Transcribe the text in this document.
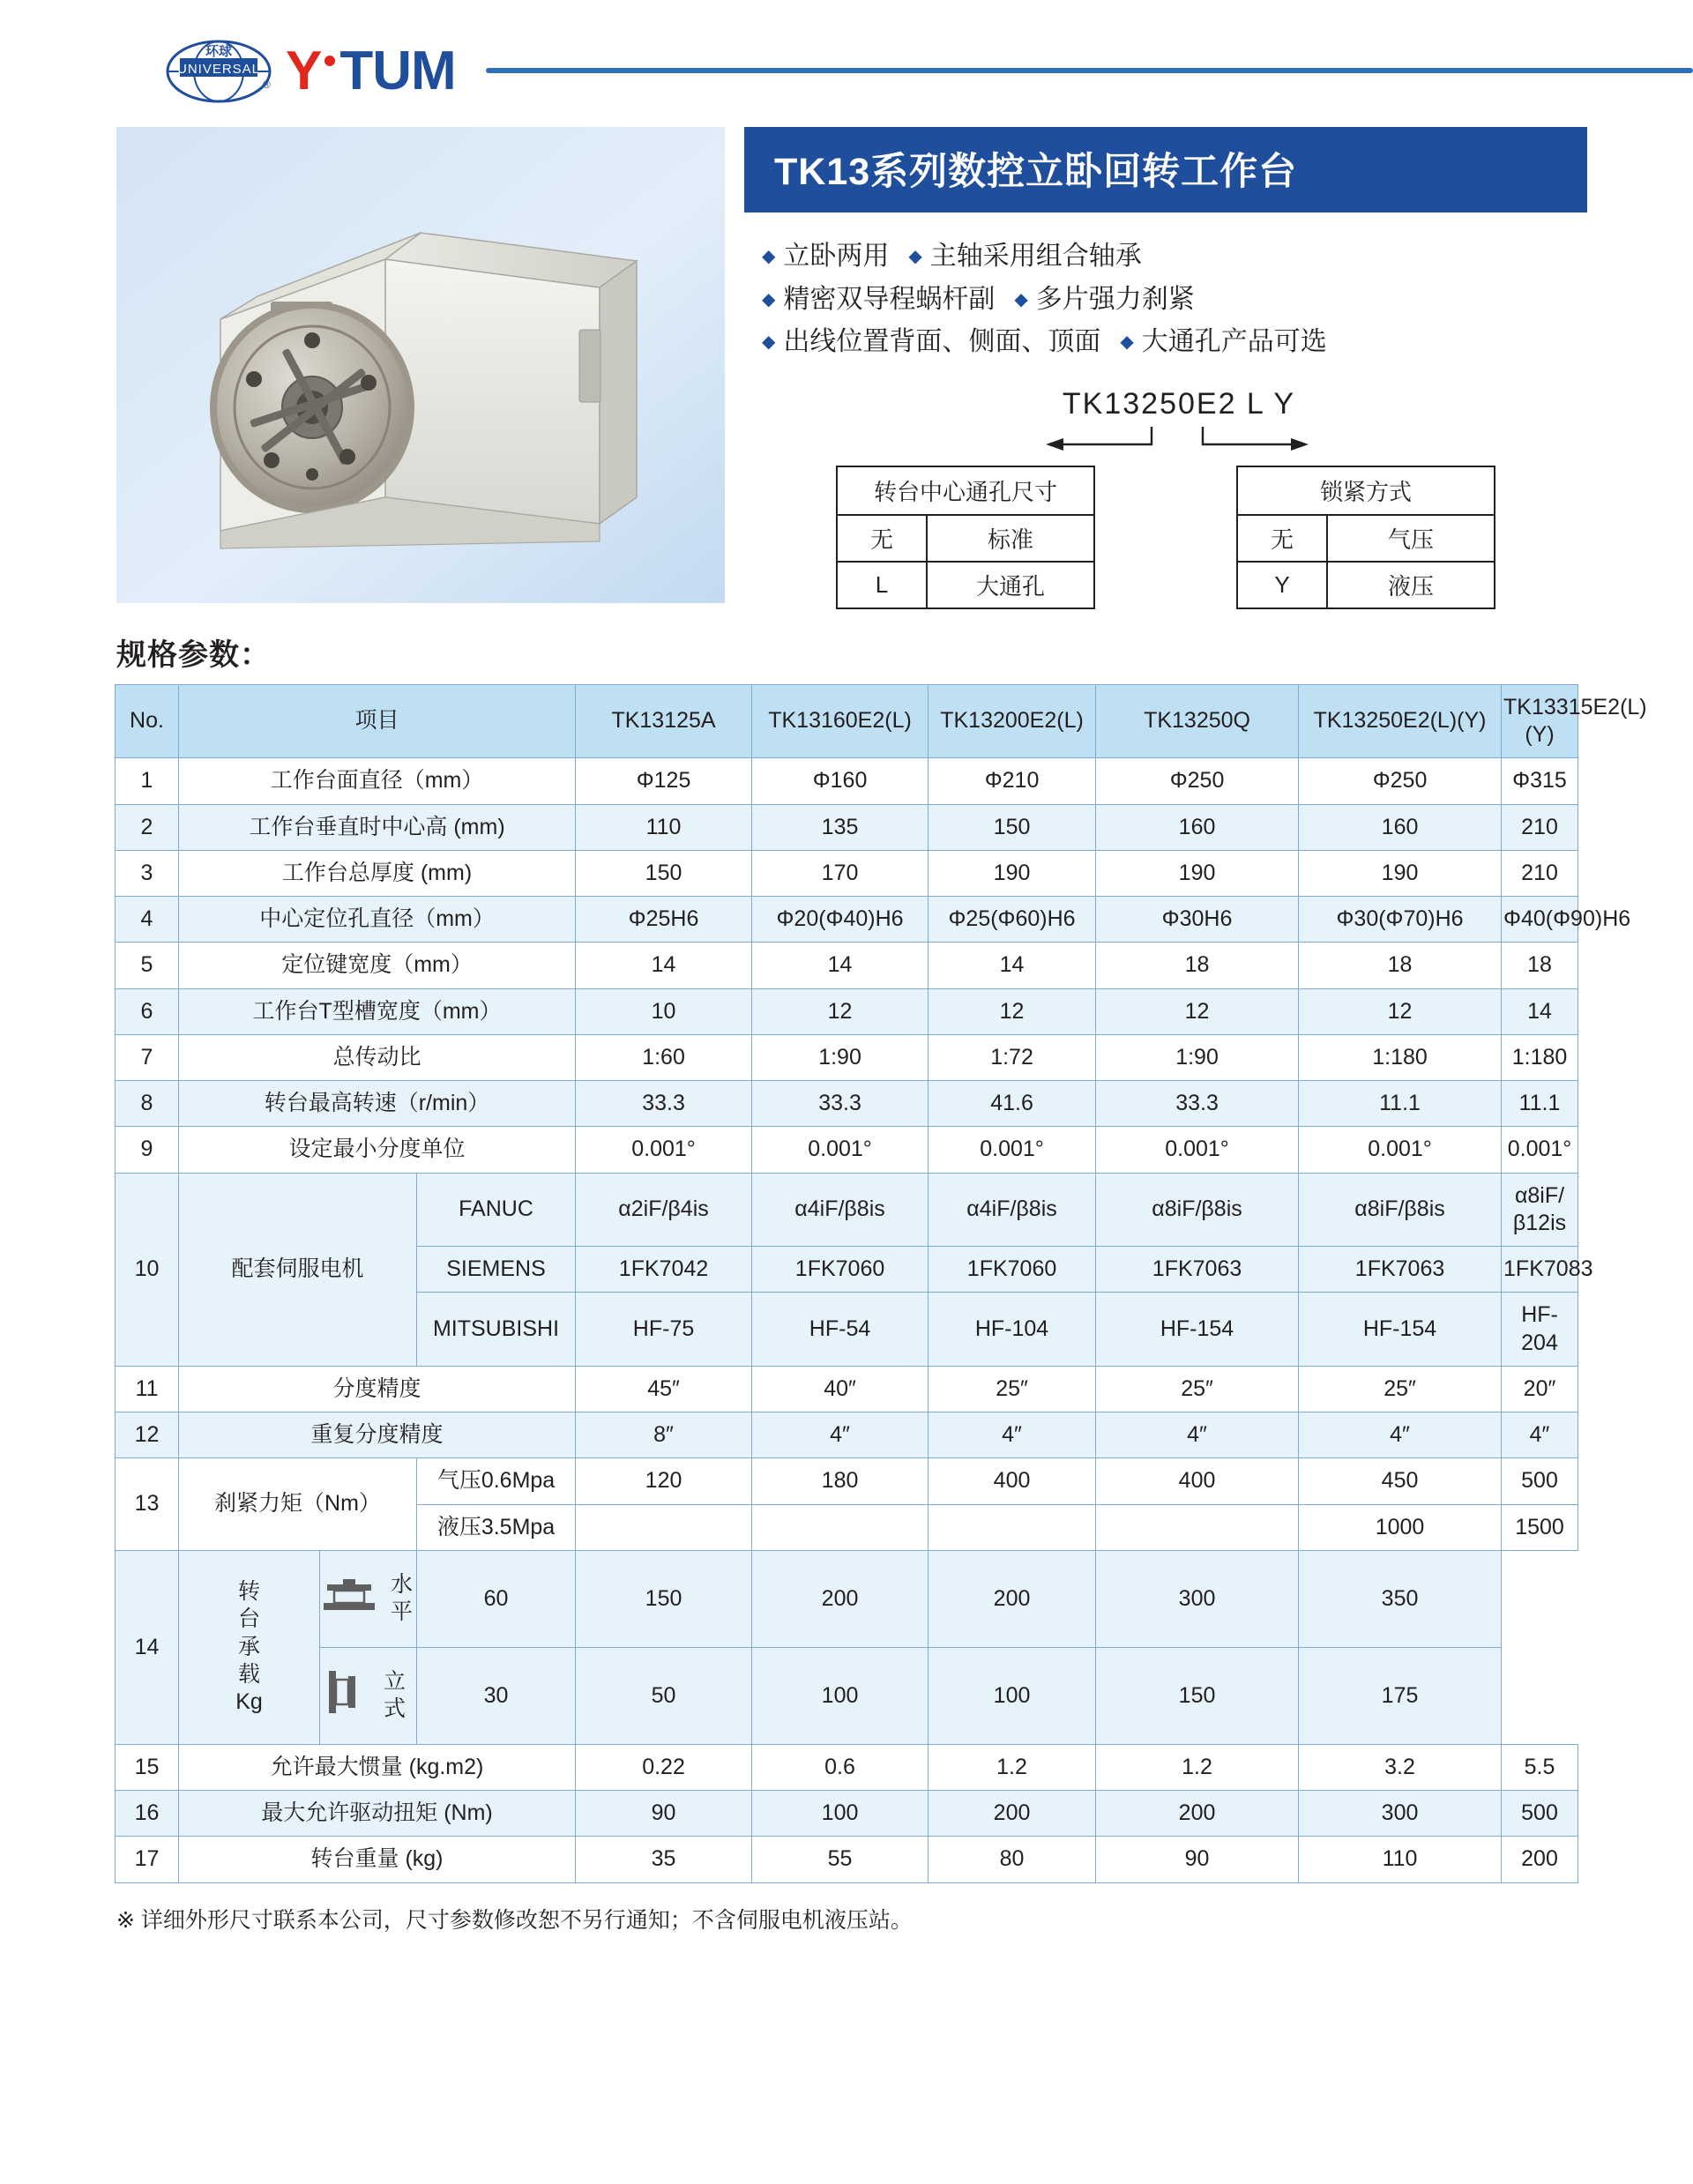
环球
UNIVERSAL
® Y TUM
TK13系列数控立卧回转工作台
◆ 立卧两用 ◆ 主轴采用组合轴承
◆ 精密双导程蜗杆副 ◆ 多片强力刹紧
◆ 出线位置背面、侧面、顶面 ◆ 大通孔产品可选
TK13250E2 L Y
转台中心通孔尺寸	
无	标准
L	大通孔
锁紧方式	
无	气压
Y	液压
规格参数：
No.	项目			TK13125A	TK13160E2(L)	TK13200E2(L)	TK13250Q	TK13250E2(L)(Y)	TK13315E2(L)(Y)
1	工作台面直径（mm）			Φ125	Φ160	Φ210	Φ250	Φ250	Φ315
2	工作台垂直时中心高 (mm)			110	135	150	160	160	210
3	工作台总厚度 (mm)			150	170	190	190	190	210
4	中心定位孔直径（mm）			Φ25H6	Φ20(Φ40)H6	Φ25(Φ60)H6	Φ30H6	Φ30(Φ70)H6	Φ40(Φ90)H6
5	定位键宽度（mm）			14	14	14	18	18	18
6	工作台T型槽宽度（mm）			10	12	12	12	12	14
7	总传动比			1:60	1:90	1:72	1:90	1:180	1:180
8	转台最高转速（r/min）			33.3	33.3	41.6	33.3	11.1	11.1
9	设定最小分度单位			0.001°	0.001°	0.001°	0.001°	0.001°	0.001°
10	配套伺服电机		FANUC	α2iF/β4is	α4iF/β8is	α4iF/β8is	α8iF/β8is	α8iF/β8is	α8iF/β12is
			SIEMENS	1FK7042	1FK7060	1FK7060	1FK7063	1FK7063	1FK7083
			MITSUBISHI	HF-75	HF-54	HF-104	HF-154	HF-154	HF-204
11	分度精度			45″	40″	25″	25″	25″	20″
12	重复分度精度			8″	4″	4″	4″	4″	4″
13	刹紧力矩（Nm）		气压0.6Mpa	120	180	400	400	450	500
			液压3.5Mpa					1000	1500
14	转
台
承
载
Kg	水平	60	150	200	200	300	350	

		立式	30	50	100	100	150	175	
15	允许最大惯量 (kg.m2)			0.22	0.6	1.2	1.2	3.2	5.5
16	最大允许驱动扭矩 (Nm)			90	100	200	200	300	500
17	转台重量 (kg)			35	55	80	90	110	200
※ 详细外形尺寸联系本公司，尺寸参数修改恕不另行通知；不含伺服电机液压站。
